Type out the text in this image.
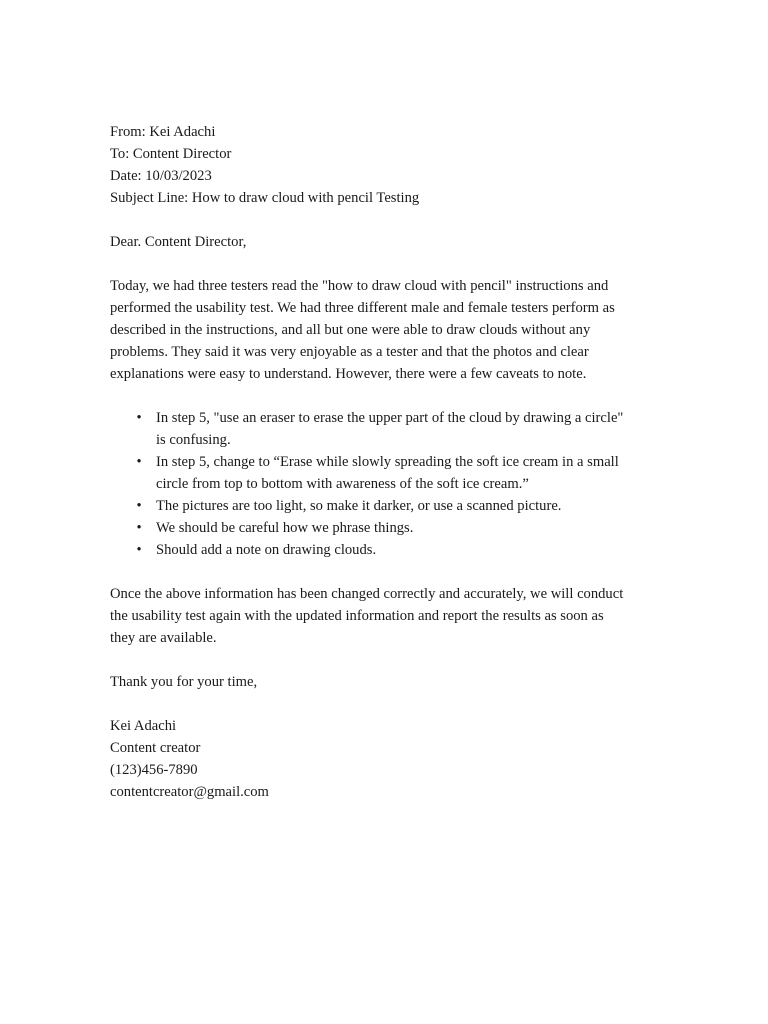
From: Kei Adachi
To: Content Director
Date: 10/03/2023
Subject Line: How to draw cloud with pencil Testing
Dear. Content Director,
Today, we had three testers read the "how to draw cloud with pencil" instructions and
performed the usability test. We had three different male and female testers perform as
described in the instructions, and all but one were able to draw clouds without any
problems. They said it was very enjoyable as a tester and that the photos and clear
explanations were easy to understand. However, there were a few caveats to note.
• In step 5, "use an eraser to erase the upper part of the cloud by drawing a circle"
is confusing.
• In step 5, change to “Erase while slowly spreading the soft ice cream in a small
circle from top to bottom with awareness of the soft ice cream.”
• The pictures are too light, so make it darker, or use a scanned picture.
• We should be careful how we phrase things.
• Should add a note on drawing clouds.
Once the above information has been changed correctly and accurately, we will conduct
the usability test again with the updated information and report the results as soon as
they are available.
Thank you for your time,
Kei Adachi
Content creator
(123)456-7890
contentcreator@gmail.com
